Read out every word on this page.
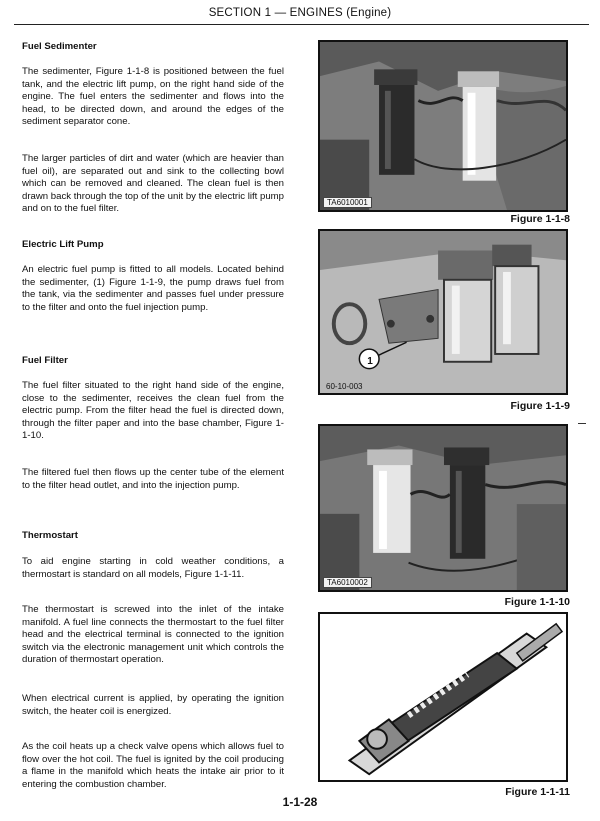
SECTION 1 — ENGINES (Engine)
Fuel Sedimenter

The sedimenter, Figure 1-1-8 is positioned between the fuel tank, and the electric lift pump, on the right hand side of the engine. The fuel enters the sedimenter and flows into the head, to be directed down, and around the edges of the sediment separator cone.

The larger particles of dirt and water (which are heavier than fuel oil), are separated out and sink to the collecting bowl which can be removed and cleaned. The clean fuel is then drawn back through the top of the unit by the electric lift pump and on to the fuel filter.

Electric Lift Pump

An electric fuel pump is fitted to all models. Located behind the sedimenter, (1) Figure 1-1-9, the pump draws fuel from the tank, via the sedimenter and passes fuel under pressure to the filter and onto the fuel injection pump.

Fuel Filter

The fuel filter situated to the right hand side of the engine, close to the sedimenter, receives the clean fuel from the electric pump. From the filter head the fuel is directed down, through the filter paper and into the base chamber, Figure 1-1-10.

The filtered fuel then flows up the center tube of the element to the filter head outlet, and into the injection pump.

Thermostart

To aid engine starting in cold weather conditions, a thermostart is standard on all models, Figure 1-1-11.

The thermostart is screwed into the inlet of the intake manifold. A fuel line connects the thermostart to the fuel filter head and the electrical terminal is connected to the ignition switch via the electronic management unit which controls the duration of thermostart operation.

When electrical current is applied, by operating the ignition switch, the heater coil is energized.

As the coil heats up a check valve opens which allows fuel to flow over the hot coil. The fuel is ignited by the coil producing a flame in the manifold which heats the intake air prior to it entering the combustion chamber.

TA6010001
Figure 1-1-8
1
60-10-003
Figure 1-1-9
TA6010002
Figure 1-1-10
Figure 1-1-11
1-1-28
